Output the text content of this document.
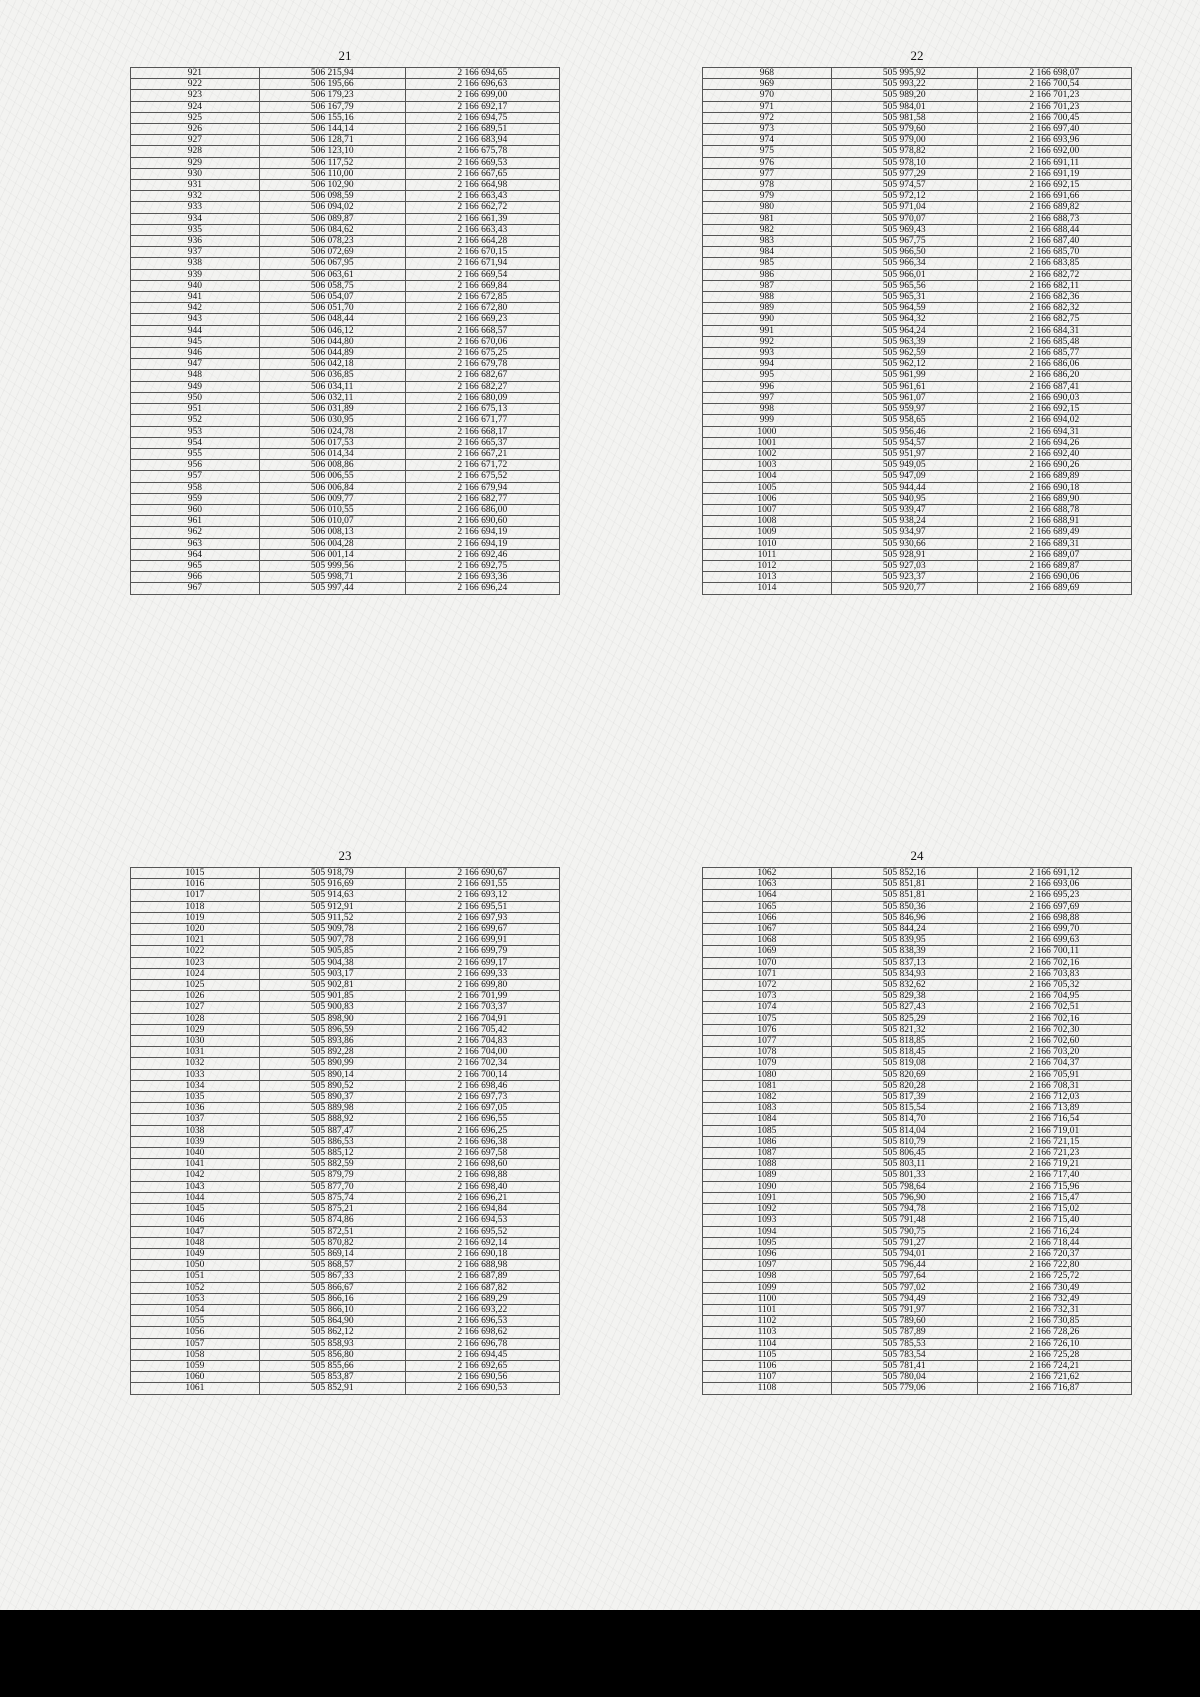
21
921	506 215,94	2 166 694,65
922	506 195,66	2 166 696,63
923	506 179,23	2 166 699,00
924	506 167,79	2 166 692,17
925	506 155,16	2 166 694,75
926	506 144,14	2 166 689,51
927	506 128,71	2 166 683,94
928	506 123,10	2 166 675,78
929	506 117,52	2 166 669,53
930	506 110,00	2 166 667,65
931	506 102,90	2 166 664,98
932	506 098,59	2 166 663,43
933	506 094,02	2 166 662,72
934	506 089,87	2 166 661,39
935	506 084,62	2 166 663,43
936	506 078,23	2 166 664,28
937	506 072,69	2 166 670,15
938	506 067,95	2 166 671,94
939	506 063,61	2 166 669,54
940	506 058,75	2 166 669,84
941	506 054,07	2 166 672,85
942	506 051,70	2 166 672,80
943	506 048,44	2 166 669,23
944	506 046,12	2 166 668,57
945	506 044,80	2 166 670,06
946	506 044,89	2 166 675,25
947	506 042,18	2 166 679,78
948	506 036,85	2 166 682,67
949	506 034,11	2 166 682,27
950	506 032,11	2 166 680,09
951	506 031,89	2 166 675,13
952	506 030,95	2 166 671,77
953	506 024,78	2 166 668,17
954	506 017,53	2 166 665,37
955	506 014,34	2 166 667,21
956	506 008,86	2 166 671,72
957	506 006,55	2 166 675,52
958	506 006,84	2 166 679,94
959	506 009,77	2 166 682,77
960	506 010,55	2 166 686,00
961	506 010,07	2 166 690,60
962	506 008,13	2 166 694,19
963	506 004,28	2 166 694,19
964	506 001,14	2 166 692,46
965	505 999,56	2 166 692,75
966	505 998,71	2 166 693,36
967	505 997,44	2 166 696,24
22
968	505 995,92	2 166 698,07
969	505 993,22	2 166 700,54
970	505 989,20	2 166 701,23
971	505 984,01	2 166 701,23
972	505 981,58	2 166 700,45
973	505 979,60	2 166 697,40
974	505 979,00	2 166 693,96
975	505 978,82	2 166 692,00
976	505 978,10	2 166 691,11
977	505 977,29	2 166 691,19
978	505 974,57	2 166 692,15
979	505 972,12	2 166 691,66
980	505 971,04	2 166 689,82
981	505 970,07	2 166 688,73
982	505 969,43	2 166 688,44
983	505 967,75	2 166 687,40
984	505 966,50	2 166 685,70
985	505 966,34	2 166 683,85
986	505 966,01	2 166 682,72
987	505 965,56	2 166 682,11
988	505 965,31	2 166 682,36
989	505 964,59	2 166 682,32
990	505 964,32	2 166 682,75
991	505 964,24	2 166 684,31
992	505 963,39	2 166 685,48
993	505 962,59	2 166 685,77
994	505 962,12	2 166 686,06
995	505 961,99	2 166 686,20
996	505 961,61	2 166 687,41
997	505 961,07	2 166 690,03
998	505 959,97	2 166 692,15
999	505 958,65	2 166 694,02
1000	505 956,46	2 166 694,31
1001	505 954,57	2 166 694,26
1002	505 951,97	2 166 692,40
1003	505 949,05	2 166 690,26
1004	505 947,09	2 166 689,89
1005	505 944,44	2 166 690,18
1006	505 940,95	2 166 689,90
1007	505 939,47	2 166 688,78
1008	505 938,24	2 166 688,91
1009	505 934,97	2 166 689,49
1010	505 930,66	2 166 689,31
1011	505 928,91	2 166 689,07
1012	505 927,03	2 166 689,87
1013	505 923,37	2 166 690,06
1014	505 920,77	2 166 689,69
23
1015	505 918,79	2 166 690,67
1016	505 916,69	2 166 691,55
1017	505 914,63	2 166 693,12
1018	505 912,91	2 166 695,51
1019	505 911,52	2 166 697,93
1020	505 909,78	2 166 699,67
1021	505 907,78	2 166 699,91
1022	505 905,85	2 166 699,79
1023	505 904,38	2 166 699,17
1024	505 903,17	2 166 699,33
1025	505 902,81	2 166 699,80
1026	505 901,85	2 166 701,99
1027	505 900,83	2 166 703,37
1028	505 898,90	2 166 704,91
1029	505 896,59	2 166 705,42
1030	505 893,86	2 166 704,83
1031	505 892,28	2 166 704,00
1032	505 890,99	2 166 702,34
1033	505 890,14	2 166 700,14
1034	505 890,52	2 166 698,46
1035	505 890,37	2 166 697,73
1036	505 889,98	2 166 697,05
1037	505 888,92	2 166 696,55
1038	505 887,47	2 166 696,25
1039	505 886,53	2 166 696,38
1040	505 885,12	2 166 697,58
1041	505 882,59	2 166 698,60
1042	505 879,79	2 166 698,88
1043	505 877,70	2 166 698,40
1044	505 875,74	2 166 696,21
1045	505 875,21	2 166 694,84
1046	505 874,86	2 166 694,53
1047	505 872,51	2 166 695,52
1048	505 870,82	2 166 692,14
1049	505 869,14	2 166 690,18
1050	505 868,57	2 166 688,98
1051	505 867,33	2 166 687,89
1052	505 866,67	2 166 687,82
1053	505 866,16	2 166 689,29
1054	505 866,10	2 166 693,22
1055	505 864,90	2 166 696,53
1056	505 862,12	2 166 698,62
1057	505 858,93	2 166 696,78
1058	505 856,80	2 166 694,45
1059	505 855,66	2 166 692,65
1060	505 853,87	2 166 690,56
1061	505 852,91	2 166 690,53
24
1062	505 852,16	2 166 691,12
1063	505 851,81	2 166 693,06
1064	505 851,81	2 166 695,23
1065	505 850,36	2 166 697,69
1066	505 846,96	2 166 698,88
1067	505 844,24	2 166 699,70
1068	505 839,95	2 166 699,63
1069	505 838,39	2 166 700,11
1070	505 837,13	2 166 702,16
1071	505 834,93	2 166 703,83
1072	505 832,62	2 166 705,32
1073	505 829,38	2 166 704,95
1074	505 827,43	2 166 702,51
1075	505 825,29	2 166 702,16
1076	505 821,32	2 166 702,30
1077	505 818,85	2 166 702,60
1078	505 818,45	2 166 703,20
1079	505 819,08	2 166 704,37
1080	505 820,69	2 166 705,91
1081	505 820,28	2 166 708,31
1082	505 817,39	2 166 712,03
1083	505 815,54	2 166 713,89
1084	505 814,70	2 166 716,54
1085	505 814,04	2 166 719,01
1086	505 810,79	2 166 721,15
1087	505 806,45	2 166 721,23
1088	505 803,11	2 166 719,21
1089	505 801,33	2 166 717,40
1090	505 798,64	2 166 715,96
1091	505 796,90	2 166 715,47
1092	505 794,78	2 166 715,02
1093	505 791,48	2 166 715,40
1094	505 790,75	2 166 716,24
1095	505 791,27	2 166 718,44
1096	505 794,01	2 166 720,37
1097	505 796,44	2 166 722,80
1098	505 797,64	2 166 725,72
1099	505 797,02	2 166 730,49
1100	505 794,49	2 166 732,49
1101	505 791,97	2 166 732,31
1102	505 789,60	2 166 730,85
1103	505 787,89	2 166 728,26
1104	505 785,53	2 166 726,10
1105	505 783,54	2 166 725,28
1106	505 781,41	2 166 724,21
1107	505 780,04	2 166 721,62
1108	505 779,06	2 166 716,87
